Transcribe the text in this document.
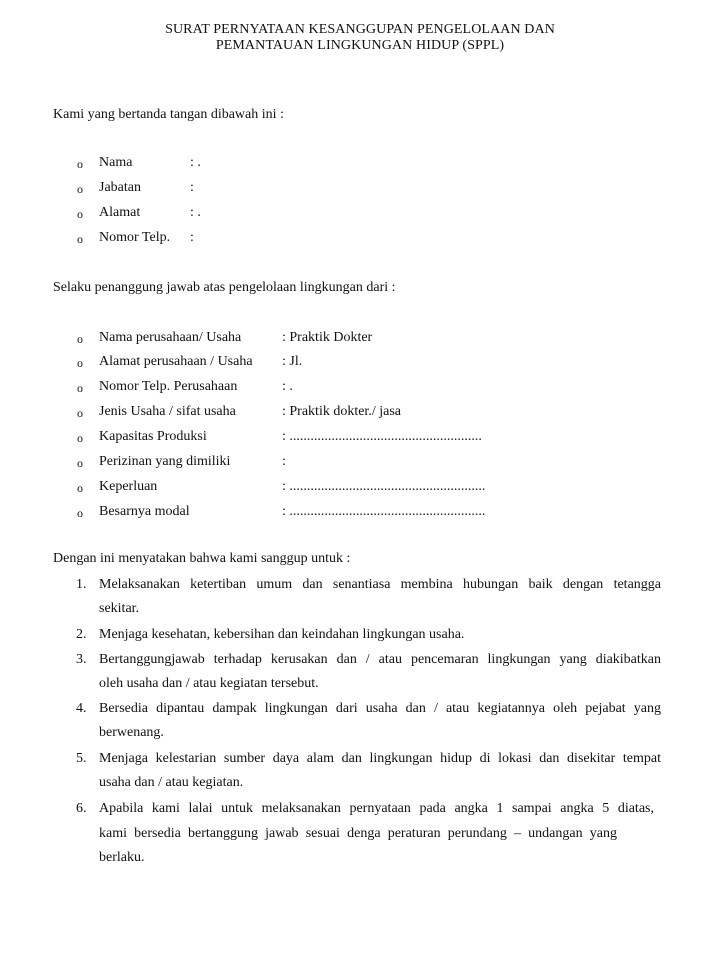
SURAT PERNYATAAN KESANGGUPAN PENGELOLAAN DAN
PEMANTAUAN LINGKUNGAN HIDUP (SPPL)
Kami yang bertanda tangan dibawah ini :
o Nama	: .
o Jabatan	:
o Alamat	: .
o Nomor Telp. :
Selaku penanggung jawab atas pengelolaan lingkungan dari :
o Nama perusahaan/ Usaha	: Praktik Dokter
o Alamat perusahaan / Usaha : Jl.
o Nomor Telp. Perusahaan	: .
o Jenis Usaha / sifat usaha	: Praktik dokter./ jasa
o Kapasitas Produksi	: .......................................................
o Perizinan yang dimiliki	:
o Keperluan	: ........................................................
o Besarnya modal	: ........................................................
Dengan ini menyatakan bahwa kami sanggup untuk :
1. Melaksanakan ketertiban umum dan senantiasa membina hubungan baik dengan tetangga
sekitar.
2. Menjaga kesehatan, kebersihan dan keindahan lingkungan usaha.
3. Bertanggungjawab terhadap kerusakan dan / atau pencemaran lingkungan yang diakibatkan
oleh usaha dan / atau kegiatan tersebut.
4. Bersedia dipantau dampak lingkungan dari usaha dan / atau kegiatannya oleh pejabat yang
berwenang.
5. Menjaga kelestarian sumber daya alam dan lingkungan hidup di lokasi dan disekitar tempat
usaha dan / atau kegiatan.
6. Apabila kami lalai untuk melaksanakan pernyataan pada angka 1 sampai angka 5 diatas,
kami bersedia bertanggung jawab sesuai denga peraturan perundang – undangan yang
berlaku.
